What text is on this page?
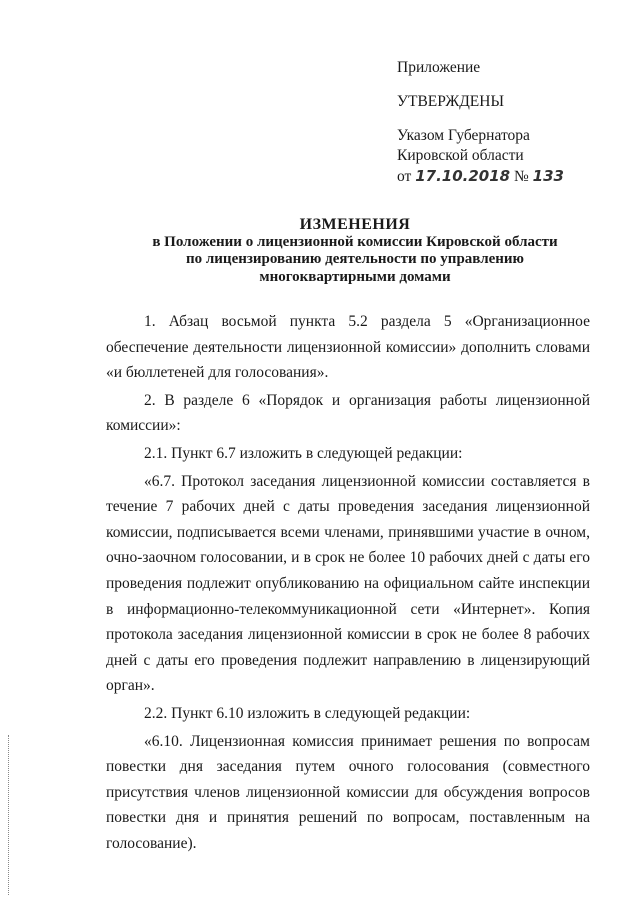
Приложение
УТВЕРЖДЕНЫ
Указом Губернатора
Кировской области
от 17.10.2018 № 133
ИЗМЕНЕНИЯ
в Положении о лицензионной комиссии Кировской области
по лицензированию деятельности по управлению
многоквартирными домами

1. Абзац восьмой пункта 5.2 раздела 5 «Организационное обеспечение деятельности лицензионной комиссии» дополнить словами «и бюллетеней для голосования».

2. В разделе 6 «Порядок и организация работы лицензионной комиссии»:

2.1. Пункт 6.7 изложить в следующей редакции:

«6.7. Протокол заседания лицензионной комиссии составляется в течение 7 рабочих дней с даты проведения заседания лицензионной комиссии, подписывается всеми членами, принявшими участие в очном, очно-заочном голосовании, и в срок не более 10 рабочих дней с даты его проведения подлежит опубликованию на официальном сайте инспекции в информационно-телекоммуникационной сети «Интернет». Копия протокола заседания лицензионной комиссии в срок не более 8 рабочих дней с даты его проведения подлежит направлению в лицензирующий орган».

2.2. Пункт 6.10 изложить в следующей редакции:

«6.10. Лицензионная комиссия принимает решения по вопросам повестки дня заседания путем очного голосования (совместного присутствия членов лицензионной комиссии для обсуждения вопросов повестки дня и принятия решений по вопросам, поставленным на голосование).
